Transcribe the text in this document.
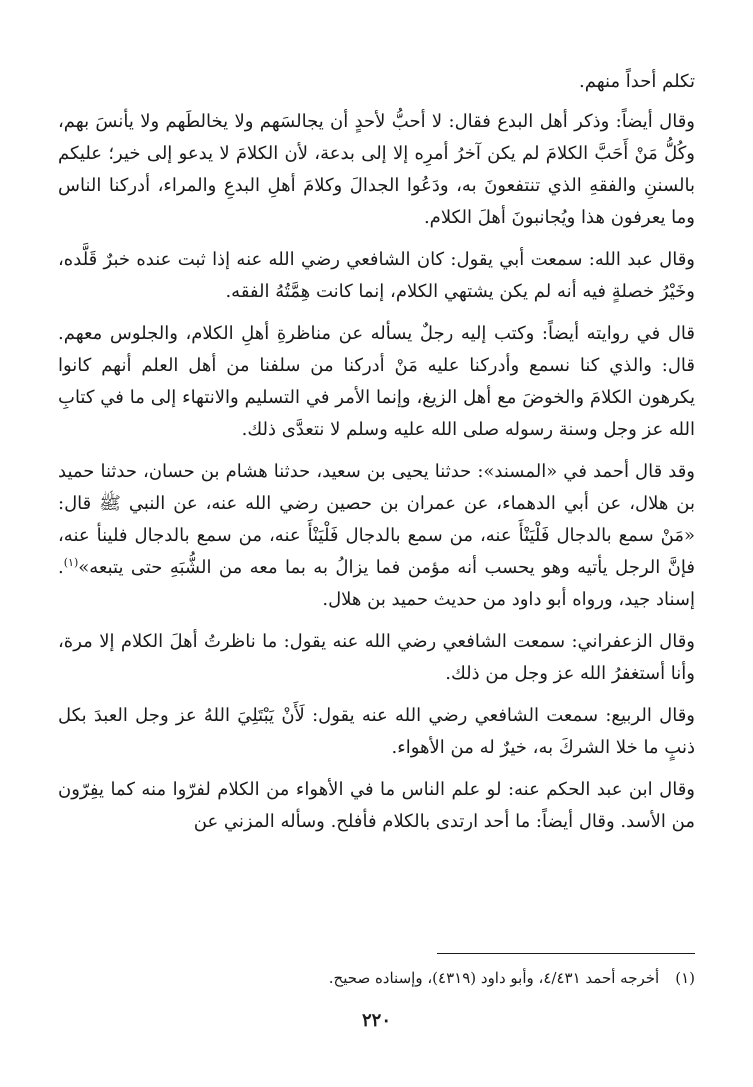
تكلم أحداً منهم.

وقال أيضاً: وذكر أهل البدع فقال: لا أحبُّ لأحدٍ أن يجالسَهم ولا يخالطَهم ولا يأنسَ بهم، وكُلُّ مَنْ أَحَبَّ الكلامَ لم يكن آخرُ أمرِه إلا إلى بدعة، لأن الكلامَ لا يدعو إلى خير؛ عليكم بالسننِ والفقهِ الذي تنتفعونَ به، ودَعُوا الجدالَ وكلامَ أهلِ البدعِ والمراء، أدركنا الناس وما يعرفون هذا ويُجانبونَ أهلَ الكلام.

وقال عبد الله: سمعت أبي يقول: كان الشافعي رضي الله عنه إذا ثبت عنده خبرٌ قَلَّده، وخَيْرُ خصلةٍ فيه أنه لم يكن يشتهي الكلام، إنما كانت هِمَّتُهُ الفقه.

قال في روايته أيضاً: وكتب إليه رجلٌ يسأله عن مناظرةِ أهلِ الكلام، والجلوس معهم. قال: والذي كنا نسمع وأدركنا عليه مَنْ أدركنا من سلفنا من أهل العلم أنهم كانوا يكرهون الكلامَ والخوضَ مع أهل الزيغ، وإنما الأمر في التسليم والانتهاء إلى ما في كتابِ الله عز وجل وسنة رسوله صلى الله عليه وسلم لا نتعدَّى ذلك.

وقد قال أحمد في «المسند»: حدثنا يحيى بن سعيد، حدثنا هشام بن حسان، حدثنا حميد بن هلال، عن أبي الدهماء، عن عمران بن حصين رضي الله عنه، عن النبي ﷺ قال: «مَنْ سمع بالدجال فَلْيَنْأَ عنه، من سمع بالدجال فَلْيَنْأَ عنه، من سمع بالدجال فلينأ عنه، فإنَّ الرجل يأتيه وهو يحسب أنه مؤمن فما يزالُ به بما معه من الشُّبَهِ حتى يتبعه»$^{(١)}$. إسناد جيد، ورواه أبو داود من حديث حميد بن هلال.

وقال الزعفراني: سمعت الشافعي رضي الله عنه يقول: ما ناظرتُ أهلَ الكلام إلا مرة، وأنا أستغفرُ الله عز وجل من ذلك.

وقال الربيع: سمعت الشافعي رضي الله عنه يقول: لَأَنْ يَبْتَلِيَ اللهُ عز وجل العبدَ بكل ذنبٍ ما خلا الشركَ به، خيرٌ له من الأهواء.

وقال ابن عبد الحكم عنه: لو علم الناس ما في الأهواء من الكلام لفرّوا منه كما يفِرّون من الأسد. وقال أيضاً: ما أحد ارتدى بالكلام فأفلح. وسأله المزني عن

(١)أخرجه أحمد ٤/٤٣١، وأبو داود (٤٣١٩)، وإسناده صحيح.
٢٢٠
